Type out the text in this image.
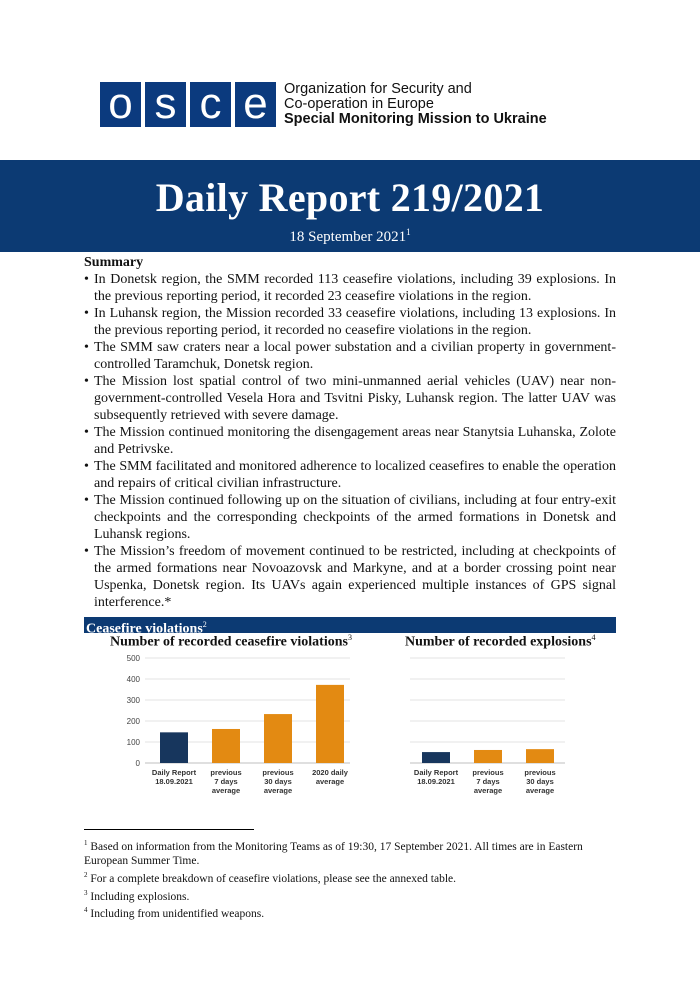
o s c e	Organization for Security and
Co-operation in Europe
Special Monitoring Mission to Ukraine
Daily Report 219/2021
18 September 2021$^1$
Summary
• In Donetsk region, the SMM recorded 113 ceasefire violations, including 39 explosions. In the previous reporting period, it recorded 23 ceasefire violations in the region.
• In Luhansk region, the Mission recorded 33 ceasefire violations, including 13 explosions. In the previous reporting period, it recorded no ceasefire violations in the region.
• The SMM saw craters near a local power substation and a civilian property in government-controlled Taramchuk, Donetsk region.
• The Mission lost spatial control of two mini-unmanned aerial vehicles (UAV) near non-government-controlled Vesela Hora and Tsvitni Pisky, Luhansk region. The latter UAV was subsequently retrieved with severe damage.
• The Mission continued monitoring the disengagement areas near Stanytsia Luhanska, Zolote and Petrivske.
• The SMM facilitated and monitored adherence to localized ceasefires to enable the operation and repairs of critical civilian infrastructure.
• The Mission continued following up on the situation of civilians, including at four entry-exit checkpoints and the corresponding checkpoints of the armed formations in Donetsk and Luhansk regions.
• The Mission’s freedom of movement continued to be restricted, including at checkpoints of the armed formations near Novoazovsk and Markyne, and at a border crossing point near Uspenka, Donetsk region. Its UAVs again experienced multiple instances of GPS signal interference.*
Ceasefire violations$^2$
Number of recorded ceasefire violations$^3$	Number of recorded explosions$^4$
0
100
200
300
400
500
Daily Report 18.09.2021
previous 7 days average
previous 30 days average
2020 daily average
Daily Report 18.09.2021
previous 7 days average
previous 30 days average

$^1$ Based on information from the Monitoring Teams as of 19:30, 17 September 2021. All times are in Eastern European Summer Time.

$^2$ For a complete breakdown of ceasefire violations, please see the annexed table.

$^3$ Including explosions.

$^4$ Including from unidentified weapons.
